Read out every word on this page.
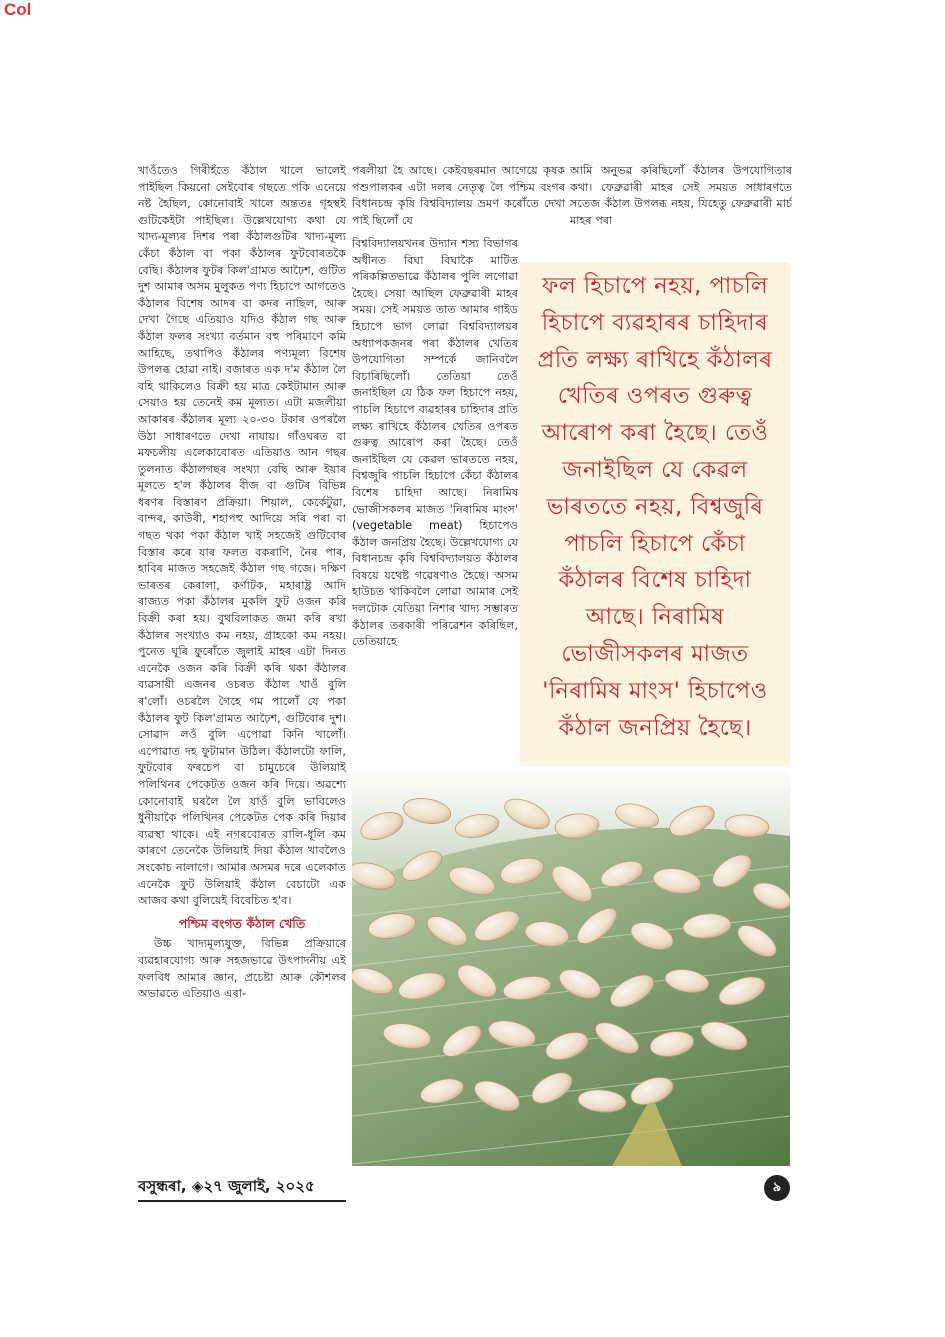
Col

খাওঁতেও গিৰীহঁতে কঁঠাল খালে ভালেই পাইছিল কিয়নো সেইবোৰ গছতে পকি এনেয়ে নষ্ট হৈছিল, কোনোবাই খালে অন্ততঃ গৃহস্থই গুটিকেইটা পাইছিল। উল্লেখযোগ্য কথা যে খাদ্য-মূল্যৰ দিশৰ পৰা কঁঠালগুটিৰ খাদ্য-মূল্য কেঁচা কঁঠাল বা পকা কঁঠালৰ ফুটবোৰতকৈ বেছি। কঁঠালৰ ফুটৰ কিল'গ্ৰামত আঢ়ৈশ, গুটিত দুশ আমাৰ অসম মুলুকত পণ্য হিচাপে আগতেও কঁঠালৰ বিশেষ আদৰ বা কদৰ নাছিল, আৰু দেখা গৈছে এতিয়াও যদিও কঁঠাল গছ আৰু কঁঠাল ফলৰ সংখ্যা বৰ্তমান বহু পৰিমাণে কমি আহিছে, তথাপিও কঁঠালৰ পণ্যমূল্য বিশেষ উপলব্ধ হোৱা নাই। বজাৰত এক দ'ম কঁঠাল লৈ বহি থাকিলেও বিক্ৰী হয় মাত্ৰ কেইটামান আৰু সেয়াও হয় তেনেই কম মূল্যত। এটা মজলীয়া আকাৰৰ কঁঠালৰ মূল্য ২০-৩০ টকাৰ ওপৰলৈ উঠা সাধাৰণতে দেখা নাযায়। গাঁওঘৰত বা মফচলীয় এলেকাবোৰত এতিয়াও আন গছৰ তুলনাত কঁঠালগছৰ সংখ্যা বেছি আৰু ইয়াৰ মূলতে হ'ল কঁঠালৰ বীজ বা গুটিৰ বিভিন্ন ধৰণৰ বিস্তাৰণ প্ৰক্ৰিয়া। শিয়াল, কেৰ্কেটুৱা, বান্দৰ, কাউৰী, শহাপহু আদিয়ে সৰি পৰা বা গছত থকা পকা কঁঠাল খাই সহজেই গুটিবোৰ বিস্তাৰ কৰে যাৰ ফলত বকৰাণি, নৈৰ পাৰ, হাবিৰ মাজত সহজেই কঁঠাল গছ গজে। দক্ষিণ ভাৰতৰ কেৰালা, কৰ্ণাটক, মহাৰাষ্ট্ৰ আদি ৰাজ্যত পকা কঁঠালৰ মুকলি ফুট ওজন কৰি বিক্ৰী কৰা হয়। বুথবিলাকত জমা কৰি ৰখা কঁঠালৰ সংখ্যাও কম নহয়, গ্ৰাহকো কম নহয়। পুনেত ঘূৰি ফুৰোঁতে জুলাই মাহৰ এটা দিনত এনেকৈ ওজন কৰি বিক্ৰী কৰি থকা কঁঠালৰ ব্যৱসায়ী এজনৰ ওচৰত কঁঠাল খাওঁ বুলি ৰ'লোঁ। ওচৰলৈ গৈহে গম পালোঁ যে পকা কঁঠালৰ ফুট কিল'গ্ৰামত আঢ়ৈশ, গুটিবোৰ দুশ। সোৱাদ লওঁ বুলি এপোৱা কিনি খালোঁ। এপোৱাত দহ ফুটামান উঠিল। কঁঠালটো ফালি, ফুটবোৰ ফৰচেপ বা চামুচেৰে উলিয়াই পলিথিনৰ পেকেটত ওজন কৰি দিয়ে। অৱশ্যে কোনোবাই ঘৰলৈ লৈ যাওঁ বুলি ভাবিলেও ধুনীয়াকৈ পলিথিনৰ পেকেটত পেক কৰি দিয়াৰ ব্যৱস্থা থাকে। এই নগৰবোৰত বালি-ধূলি কম কাৰণে তেনেকৈ উলিয়াই দিয়া কঁঠাল খাবলৈও সংকোচ নালাগে। আমাৰ অসমৰ দৰে এলেকাত এনেকৈ ফুট উলিয়াই কঁঠাল বেচাটো এক আজব কথা বুলিয়েই বিবেচিত হ'ব।

পশ্চিম বংগত কঁঠাল খেতি

উচ্চ খাদ্যমূল্যযুক্ত, বিভিন্ন প্ৰক্ৰিয়াৰে ব্যৱহাৰযোগ্য আৰু সহজভাৱে উৎপাদনীয় এই ফলবিধ আমাৰ জ্ঞান, প্ৰচেষ্টা আৰু কৌশলৰ অভাৱতে এতিয়াও এৰা-

পৰলীয়া হৈ আছে। কেইবছৰমান আগেয়ে কৃষক পশুপালকৰ এটা দলৰ নেতৃত্ব লৈ পশ্চিম বংগৰ বিধানচন্দ্ৰ কৃষি বিশ্ববিদ্যালয় ভ্ৰমণ কৰোঁতে দেখা পাই ছিলোঁ যে

বিশ্ববিদ্যালয়খনৰ উদ্যান শস্য বিভাগৰ অধীনত বিঘা বিঘাকৈ মাটিত পৰিকল্পিতভাৱে কঁঠালৰ পুলি লগোৱা হৈছে। সেয়া আছিল ফেব্ৰুৱাৰী মাহৰ সময়। সেই সময়ত তাত আমাৰ গাইড হিচাপে ভাগ লোৱা বিশ্ববিদ্যালয়ৰ অধ্যাপকজনৰ পৰা কঁঠালৰ খেতিৰ উপযোগিতা সম্পৰ্কে জানিবলৈ বিচাৰিছিলোঁ। তেতিয়া তেওঁ জনাইছিল যে ঠিক ফল হিচাপে নহয়, পাচলি হিচাপে ব্যৱহাৰৰ চাহিদাৰ প্ৰতি লক্ষ্য ৰাখিহে কঁঠালৰ খেতিৰ ওপৰত গুৰুত্ব আৰোপ কৰা হৈছে। তেওঁ জনাইছিল যে কেৱল ভাৰততে নহয়, বিশ্বজুৰি পাচলি হিচাপে কেঁচা কঁঠালৰ বিশেষ চাহিদা আছে। নিৰামিষ ভোজীসকলৰ মাজত 'নিৰামিষ মাংস' (vegetable meat) হিচাপেও কঁঠাল জনপ্ৰিয় হৈছে। উল্লেখযোগ্য যে বিধানচন্দ্ৰ কৃষি বিশ্ববিদ্যালয়ত কঁঠালৰ বিষয়ে যথেষ্ট গৱেষণাও হৈছে। অসম হাউচত থাকিবলৈ লোৱা আমাৰ সেই দলটোক যেতিয়া নিশাৰ খাদ্য সম্ভাৰত কঁঠালৰ তৰকাৰী পৰিৱেশন কৰিছিল, তেতিয়াহে

আমি অনুভৱ কৰিছিলোঁ কঁঠালৰ উপযোগিতাৰ কথা। ফেব্ৰুৱাৰী মাহৰ সেই সময়ত সাধাৰণতে সতেজ কঁঠাল উপলব্ধ নহয়, যিহেতু ফেব্ৰুৱাৰী মাৰ্চ মাহৰ পৰা

ফল হিচাপে নহয়, পাচলি হিচাপে ব্যৱহাৰৰ চাহিদাৰ প্ৰতি লক্ষ্য ৰাখিহে কঁঠালৰ খেতিৰ ওপৰত গুৰুত্ব আৰোপ কৰা হৈছে। তেওঁ জনাইছিল যে কেৱল ভাৰততে নহয়, বিশ্বজুৰি পাচলি হিচাপে কেঁচা কঁঠালৰ বিশেষ চাহিদা আছে। নিৰামিষ ভোজীসকলৰ মাজত 'নিৰামিষ মাংস' হিচাপেও কঁঠাল জনপ্ৰিয় হৈছে।
বসুন্ধৰা, ◈২৭ জুলাই, ২০২৫	৯
